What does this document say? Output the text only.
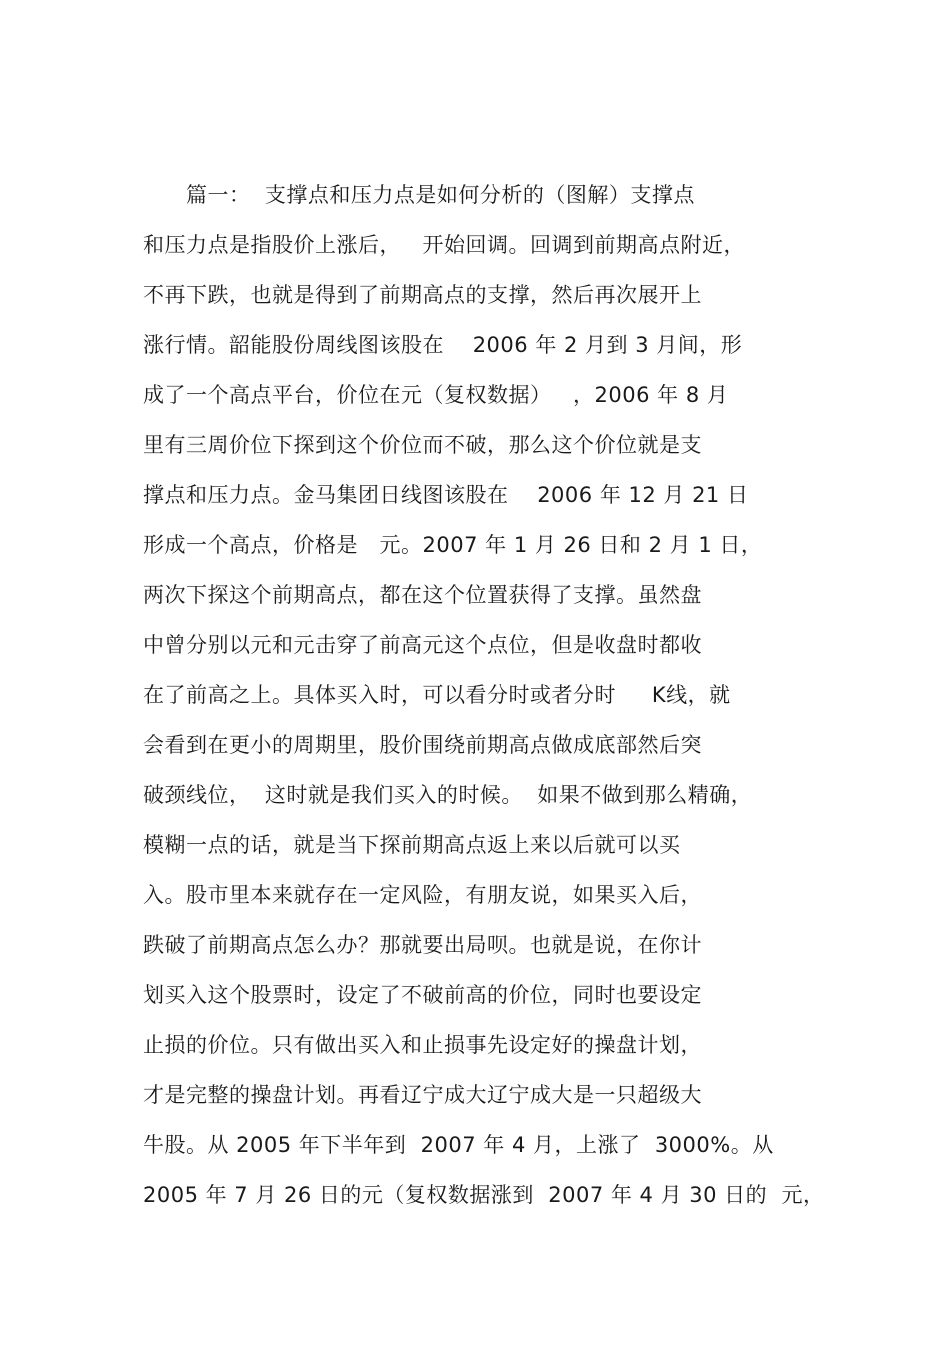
篇一：  支撑点和压力点是如何分析的（图解）支撑点
和压力点是指股价上涨后，   开始回调。回调到前期高点附近，
不再下跌，也就是得到了前期高点的支撑，然后再次展开上
涨行情。韶能股份周线图该股在    2006 年 2 月到 3 月间，形
成了一个高点平台，价位在元（复权数据）   ，2006 年 8 月
里有三周价位下探到这个价位而不破，那么这个价位就是支
撑点和压力点。金马集团日线图该股在    2006 年 12 月 21 日
形成一个高点，价格是   元。2007 年 1 月 26 日和 2 月 1 日，
两次下探这个前期高点，都在这个位置获得了支撑。虽然盘
中曾分别以元和元击穿了前高元这个点位，但是收盘时都收
在了前高之上。具体买入时，可以看分时或者分时     K线，就
会看到在更小的周期里，股价围绕前期高点做成底部然后突
破颈线位，  这时就是我们买入的时候。  如果不做到那么精确，
模糊一点的话，就是当下探前期高点返上来以后就可以买
入。股市里本来就存在一定风险，有朋友说，如果买入后，
跌破了前期高点怎么办？那就要出局呗。也就是说，在你计
划买入这个股票时，设定了不破前高的价位，同时也要设定
止损的价位。只有做出买入和止损事先设定好的操盘计划，
才是完整的操盘计划。再看辽宁成大辽宁成大是一只超级大
牛股。从 2005 年下半年到  2007 年 4 月，上涨了  3000%。从
2005 年 7 月 26 日的元（复权数据涨到  2007 年 4 月 30 日的  元，
